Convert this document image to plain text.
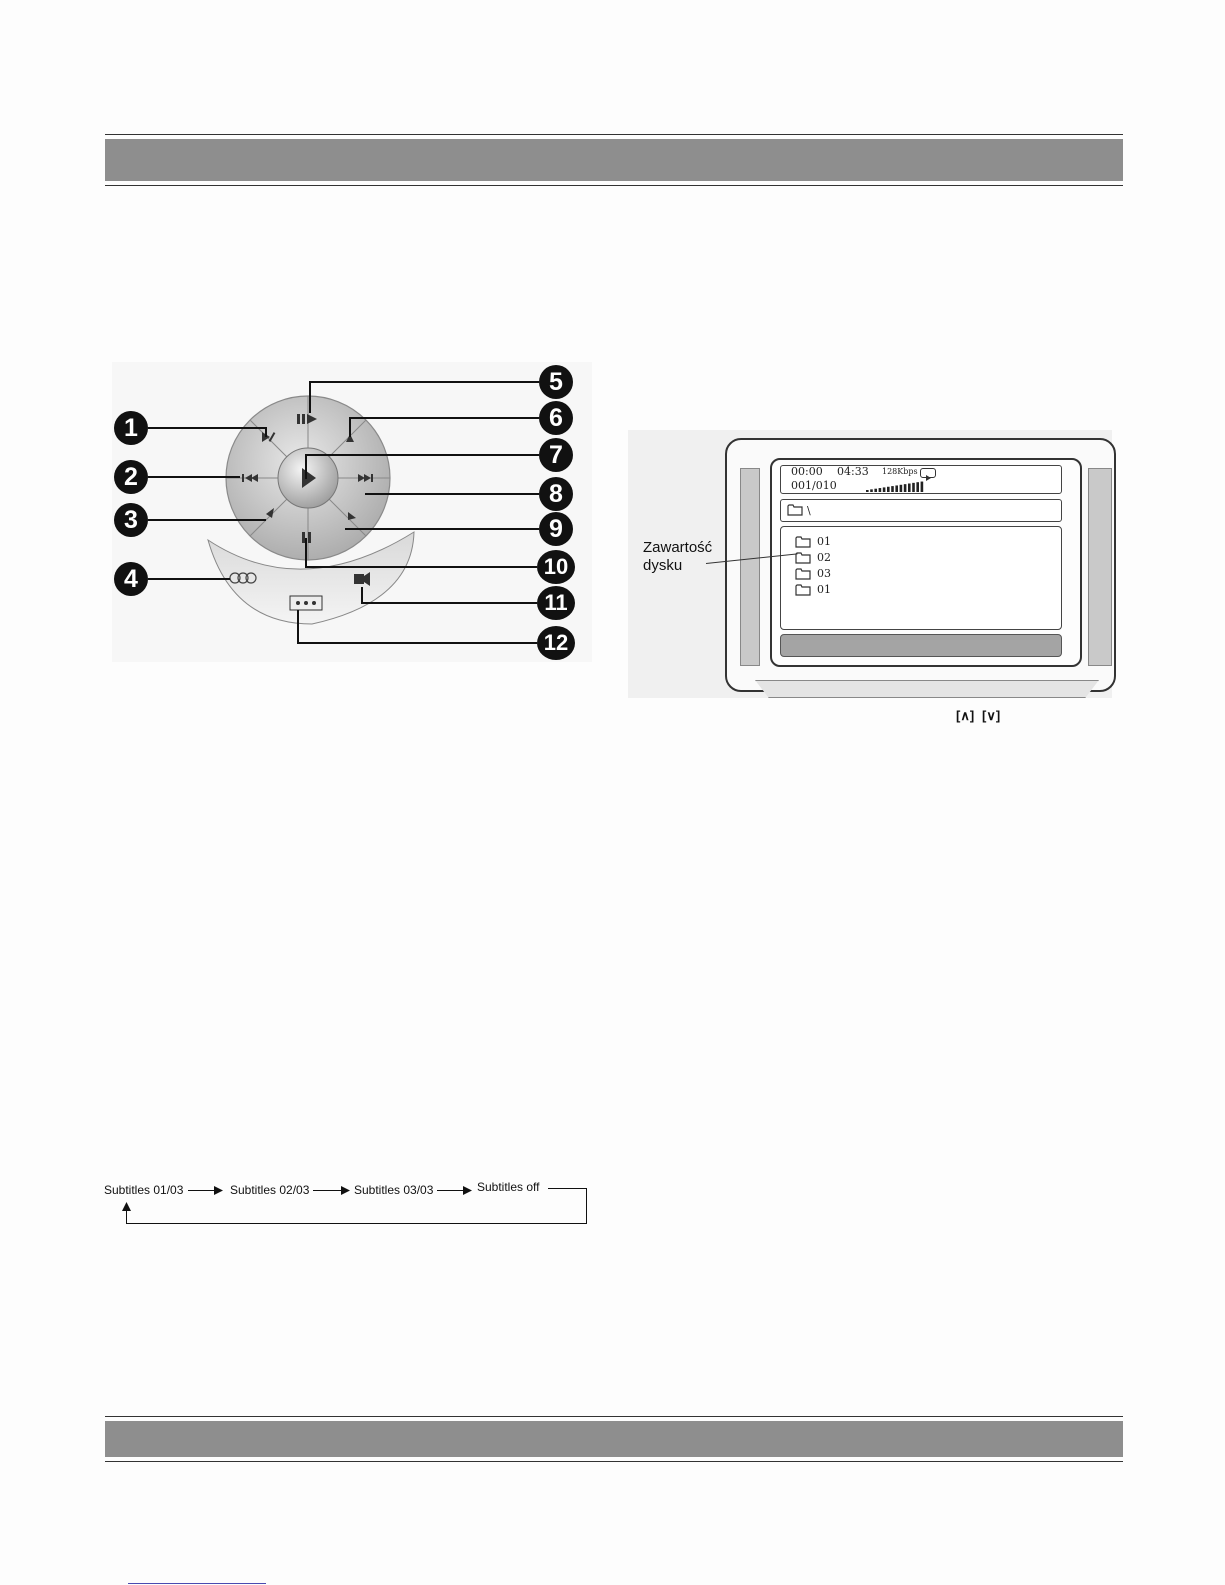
1
2
3
4
5
6
7
8
9
10
11
12
00:00 04:33 128Kbps
001/010
\
01
02
03
01
Zawartość
dysku
[∧] [∨]
Subtitles 01/03	Subtitles 02/03	Subtitles 03/03	Subtitles off
